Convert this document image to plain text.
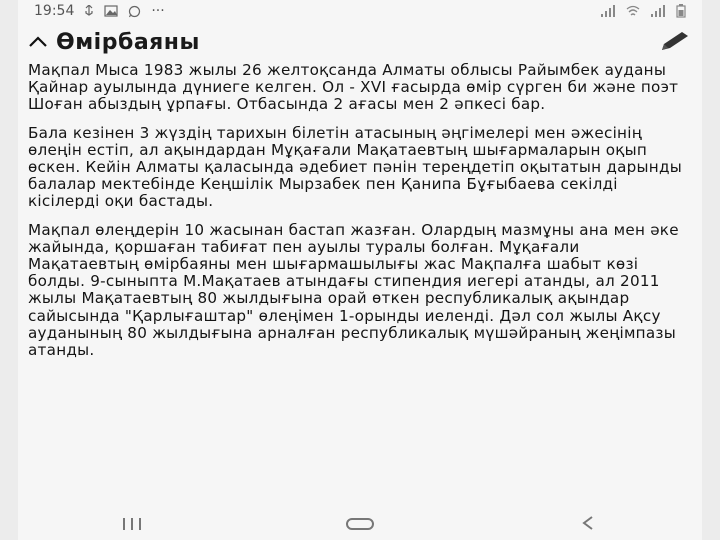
19:54	···
Өмірбаяны

Мақпал Мыса 1983 жылы 26 желтоқсанда Алматы облысы Райымбек ауданы Қайнар ауылында дүниеге келген. Ол - XVI ғасырда өмір сүрген би және поэт Шоған абыздың ұрпағы. Отбасында 2 ағасы мен 2 әпкесі бар.

Бала кезінен 3 жүздің тарихын білетін атасының әңгімелері мен әжесінің өлеңін естіп, ал ақындардан Мұқағали Мақатаевтың шығармаларын оқып өскен. Кейін Алматы қаласында әдебиет пәнін тереңдетіп оқытатын дарынды балалар мектебінде Кеңшілік Мырзабек пен Қанипа Бұғыбаева секілді кісілерді оқи бастады.

Мақпал өлеңдерін 10 жасынан бастап жазған. Олардың мазмұны ана мен әке жайында, қоршаған табиғат пен ауылы туралы болған. Мұқағали Мақатаевтың өмірбаяны мен шығармашылығы жас Мақпалға шабыт көзі болды. 9-сыныпта М.Мақатаев атындағы стипендия иегері атанды, ал 2011 жылы Мақатаевтың 80 жылдығына орай өткен республикалық ақындар сайысында "Қарлығаштар" өлеңімен 1-орынды иеленді. Дәл сол жылы Ақсу ауданының 80 жылдығына арналған республикалық мүшәйраның жеңімпазы атанды.
